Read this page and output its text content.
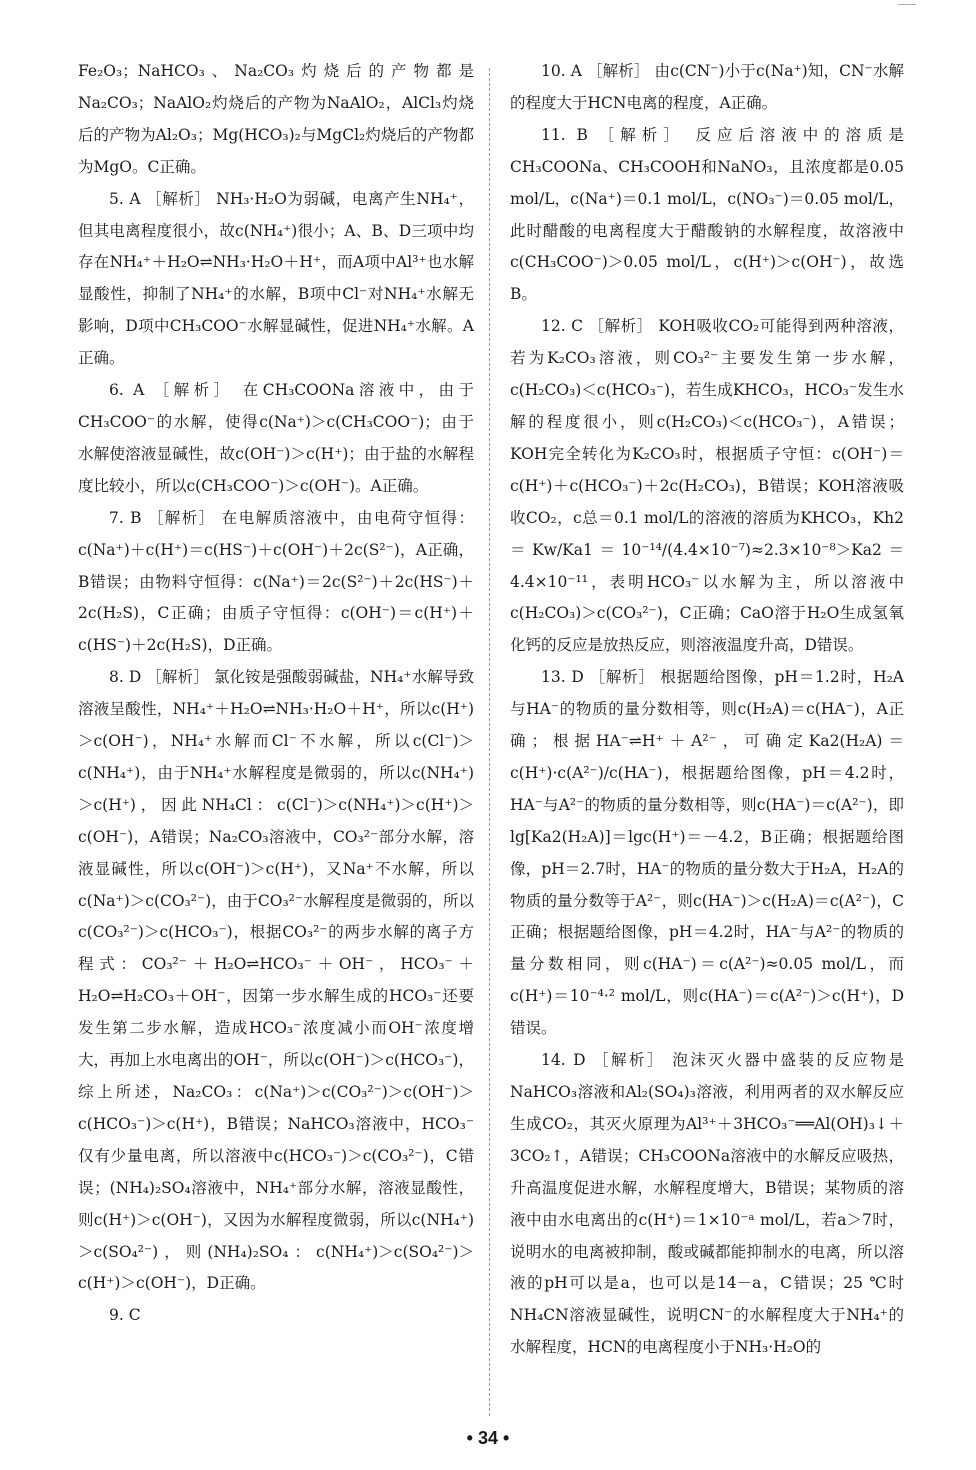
Fe₂O₃；NaHCO₃、Na₂CO₃灼烧后的产物都是Na₂CO₃；NaAlO₂灼烧后的产物为NaAlO₂，AlCl₃灼烧后的产物为Al₂O₃；Mg(HCO₃)₂与MgCl₂灼烧后的产物都为MgO。C正确。

5. A ［解析］ NH₃·H₂O为弱碱，电离产生NH₄⁺，但其电离程度很小，故c(NH₄⁺)很小；A、B、D三项中均存在NH₄⁺＋H₂O⇌NH₃·H₂O＋H⁺，而A项中Al³⁺也水解显酸性，抑制了NH₄⁺的水解，B项中Cl⁻对NH₄⁺水解无影响，D项中CH₃COO⁻水解显碱性，促进NH₄⁺水解。A正确。

6. A ［解析］ 在CH₃COONa溶液中，由于CH₃COO⁻的水解，使得c(Na⁺)＞c(CH₃COO⁻)；由于水解使溶液显碱性，故c(OH⁻)＞c(H⁺)；由于盐的水解程度比较小，所以c(CH₃COO⁻)＞c(OH⁻)。A正确。

7. B ［解析］ 在电解质溶液中，由电荷守恒得：c(Na⁺)＋c(H⁺)＝c(HS⁻)＋c(OH⁻)＋2c(S²⁻)，A正确，B错误；由物料守恒得：c(Na⁺)＝2c(S²⁻)＋2c(HS⁻)＋2c(H₂S)，C正确；由质子守恒得：c(OH⁻)＝c(H⁺)＋c(HS⁻)＋2c(H₂S)，D正确。

8. D ［解析］ 氯化铵是强酸弱碱盐，NH₄⁺水解导致溶液呈酸性，NH₄⁺＋H₂O⇌NH₃·H₂O＋H⁺，所以c(H⁺)＞c(OH⁻)，NH₄⁺水解而Cl⁻不水解，所以c(Cl⁻)＞c(NH₄⁺)，由于NH₄⁺水解程度是微弱的，所以c(NH₄⁺)＞c(H⁺)，因此NH₄Cl：c(Cl⁻)＞c(NH₄⁺)＞c(H⁺)＞c(OH⁻)，A错误；Na₂CO₃溶液中，CO₃²⁻部分水解，溶液显碱性，所以c(OH⁻)＞c(H⁺)，又Na⁺不水解，所以c(Na⁺)＞c(CO₃²⁻)，由于CO₃²⁻水解程度是微弱的，所以c(CO₃²⁻)＞c(HCO₃⁻)，根据CO₃²⁻的两步水解的离子方程式：CO₃²⁻＋H₂O⇌HCO₃⁻＋OH⁻，HCO₃⁻＋H₂O⇌H₂CO₃＋OH⁻，因第一步水解生成的HCO₃⁻还要发生第二步水解，造成HCO₃⁻浓度减小而OH⁻浓度增大，再加上水电离出的OH⁻，所以c(OH⁻)＞c(HCO₃⁻)，综上所述，Na₂CO₃：c(Na⁺)＞c(CO₃²⁻)＞c(OH⁻)＞c(HCO₃⁻)＞c(H⁺)，B错误；NaHCO₃溶液中，HCO₃⁻仅有少量电离，所以溶液中c(HCO₃⁻)＞c(CO₃²⁻)，C错误；(NH₄)₂SO₄溶液中，NH₄⁺部分水解，溶液显酸性，则c(H⁺)＞c(OH⁻)，又因为水解程度微弱，所以c(NH₄⁺)＞c(SO₄²⁻)，则(NH₄)₂SO₄：c(NH₄⁺)＞c(SO₄²⁻)＞c(H⁺)＞c(OH⁻)，D正确。

9. C

10. A ［解析］ 由c(CN⁻)小于c(Na⁺)知，CN⁻水解的程度大于HCN电离的程度，A正确。

11. B ［解析］ 反应后溶液中的溶质是CH₃COONa、CH₃COOH和NaNO₃，且浓度都是0.05 mol/L，c(Na⁺)＝0.1 mol/L，c(NO₃⁻)＝0.05 mol/L，此时醋酸的电离程度大于醋酸钠的水解程度，故溶液中c(CH₃COO⁻)＞0.05 mol/L，c(H⁺)＞c(OH⁻)，故选B。

12. C ［解析］ KOH吸收CO₂可能得到两种溶液，若为K₂CO₃溶液，则CO₃²⁻主要发生第一步水解，c(H₂CO₃)＜c(HCO₃⁻)，若生成KHCO₃，HCO₃⁻发生水解的程度很小，则c(H₂CO₃)＜c(HCO₃⁻)，A错误；KOH完全转化为K₂CO₃时，根据质子守恒：c(OH⁻)＝c(H⁺)＋c(HCO₃⁻)＋2c(H₂CO₃)，B错误；KOH溶液吸收CO₂，c总＝0.1 mol/L的溶液的溶质为KHCO₃，Kh2＝Kw/Ka1＝10⁻¹⁴/(4.4×10⁻⁷)≈2.3×10⁻⁸＞Ka2＝4.4×10⁻¹¹，表明HCO₃⁻以水解为主，所以溶液中c(H₂CO₃)＞c(CO₃²⁻)，C正确；CaO溶于H₂O生成氢氧化钙的反应是放热反应，则溶液温度升高，D错误。

13. D ［解析］ 根据题给图像，pH＝1.2时，H₂A与HA⁻的物质的量分数相等，则c(H₂A)＝c(HA⁻)，A正确；根据HA⁻⇌H⁺＋A²⁻，可确定Ka2(H₂A)＝c(H⁺)·c(A²⁻)/c(HA⁻)，根据题给图像，pH＝4.2时，HA⁻与A²⁻的物质的量分数相等，则c(HA⁻)＝c(A²⁻)，即lg[Ka2(H₂A)]＝lgc(H⁺)＝－4.2，B正确；根据题给图像，pH＝2.7时，HA⁻的物质的量分数大于H₂A，H₂A的物质的量分数等于A²⁻，则c(HA⁻)＞c(H₂A)＝c(A²⁻)，C正确；根据题给图像，pH＝4.2时，HA⁻与A²⁻的物质的量分数相同，则c(HA⁻)＝c(A²⁻)≈0.05 mol/L，而c(H⁺)＝10⁻⁴·² mol/L，则c(HA⁻)＝c(A²⁻)＞c(H⁺)，D错误。

14. D ［解析］ 泡沫灭火器中盛装的反应物是NaHCO₃溶液和Al₂(SO₄)₃溶液，利用两者的双水解反应生成CO₂，其灭火原理为Al³⁺＋3HCO₃⁻══Al(OH)₃↓＋3CO₂↑，A错误；CH₃COONa溶液中的水解反应吸热，升高温度促进水解，水解程度增大，B错误；某物质的溶液中由水电离出的c(H⁺)＝1×10⁻ᵃ mol/L，若a＞7时，说明水的电离被抑制，酸或碱都能抑制水的电离，所以溶液的pH可以是a，也可以是14－a，C错误；25 ℃时NH₄CN溶液显碱性，说明CN⁻的水解程度大于NH₄⁺的水解程度，HCN的电离程度小于NH₃·H₂O的

• 34 •
